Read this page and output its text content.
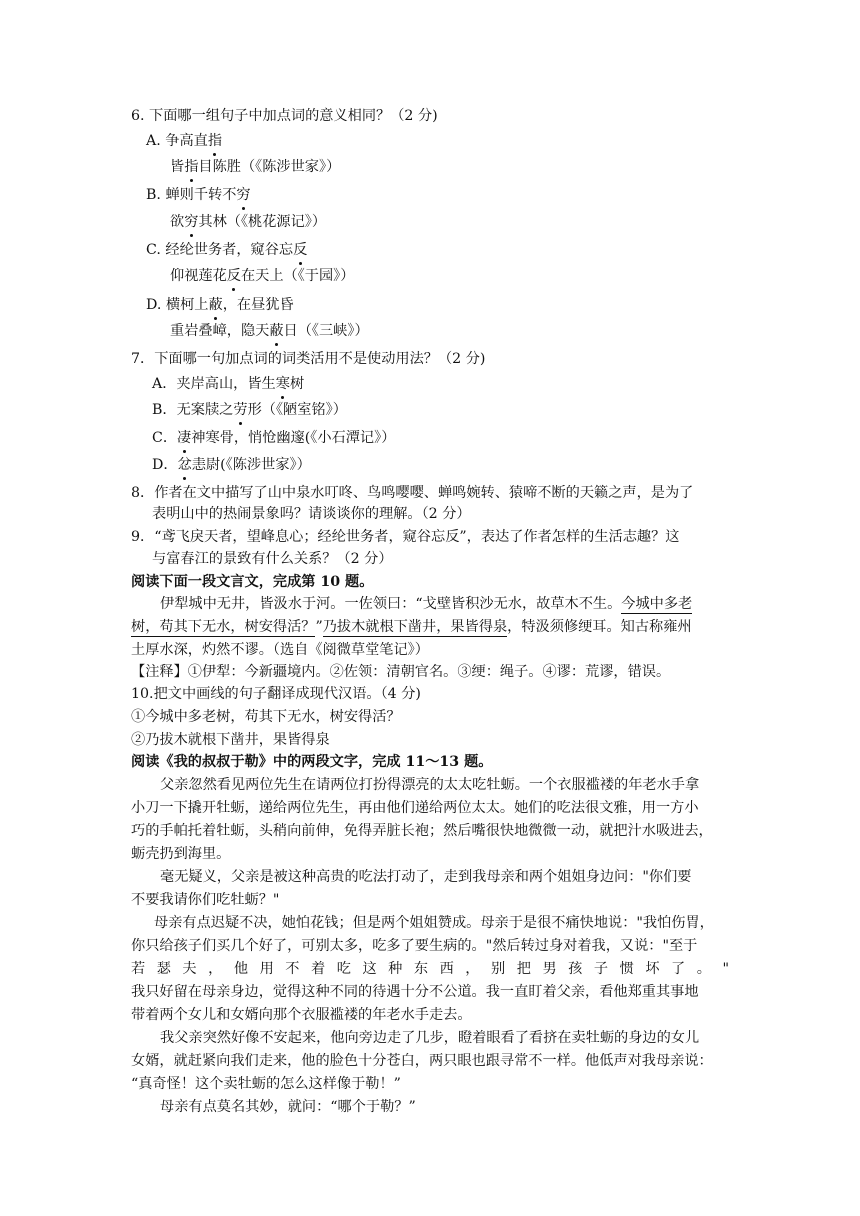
6. 下面哪一组句子中加点词的意义相同？（2 分)
A. 争高直指
皆指目陈胜（《陈涉世家》）
B. 蝉则千转不穷
欲穷其林（《桃花源记》）
C. 经纶世务者，窥谷忘反
仰视莲花反在天上（《于园》）
D. 横柯上蔽，在昼犹昏
重岩叠嶂，隐天蔽日（《三峡》）
7．下面哪一句加点词的词类活用不是使动用法？（2 分)
A．夹岸高山，皆生寒树
B．无案牍之劳形（《陋室铭》）
C．凄神寒骨，悄怆幽邃(《小石潭记》）
D．忿恚尉(《陈涉世家》）
8．作者在文中描写了山中泉水叮咚、鸟鸣嘤嘤、蝉鸣婉转、猿啼不断的天籁之声，是为了
表明山中的热闹景象吗？请谈谈你的理解。（2 分）
9．“鸢飞戾天者，望峰息心；经纶世务者，窥谷忘反”，表达了作者怎样的生活志趣？这
与富春江的景致有什么关系？（2 分）
阅读下面一段文言文，完成第 10 题。
伊犁城中无井，皆汲水于河。一佐领曰：“戈壁皆积沙无水，故草木不生。今城中多老
树，苟其下无水，树安得活？”乃拔木就根下凿井，果皆得泉，特汲须修绠耳。知古称雍州
土厚水深，灼然不谬。（选自《阅微草堂笔记》）
【注释】①伊犁：今新疆境内。②佐领：清朝官名。③绠：绳子。④谬：荒谬，错误。
10.把文中画线的句子翻译成现代汉语。（4 分)
①今城中多老树，苟其下无水，树安得活？
②乃拔木就根下凿井，果皆得泉
阅读《我的叔叔于勒》中的两段文字，完成 11～13 题。
父亲忽然看见两位先生在请两位打扮得漂亮的太太吃牡蛎。一个衣服褴褛的年老水手拿
小刀一下撬开牡蛎，递给两位先生，再由他们递给两位太太。她们的吃法很文雅，用一方小
巧的手帕托着牡蛎，头稍向前伸，免得弄脏长袍；然后嘴很快地微微一动，就把汁水吸进去，
蛎壳扔到海里。
毫无疑义，父亲是被这种高贵的吃法打动了，走到我母亲和两个姐姐身边问："你们要
不要我请你们吃牡蛎？"
母亲有点迟疑不决，她怕花钱；但是两个姐姐赞成。母亲于是很不痛快地说："我怕伤胃，
你只给孩子们买几个好了，可别太多，吃多了要生病的。"然后转过身对着我，又说："至于
若瑟夫，他用不着吃这种东西，别把男孩子惯坏了。"
我只好留在母亲身边，觉得这种不同的待遇十分不公道。我一直盯着父亲，看他郑重其事地
带着两个女儿和女婿向那个衣服褴褛的年老水手走去。
我父亲突然好像不安起来，他向旁边走了几步，瞪着眼看了看挤在卖牡蛎的身边的女儿
女婿，就赶紧向我们走来，他的脸色十分苍白，两只眼也跟寻常不一样。他低声对我母亲说：
“真奇怪！这个卖牡蛎的怎么这样像于勒！”
母亲有点莫名其妙，就问：“哪个于勒？”
